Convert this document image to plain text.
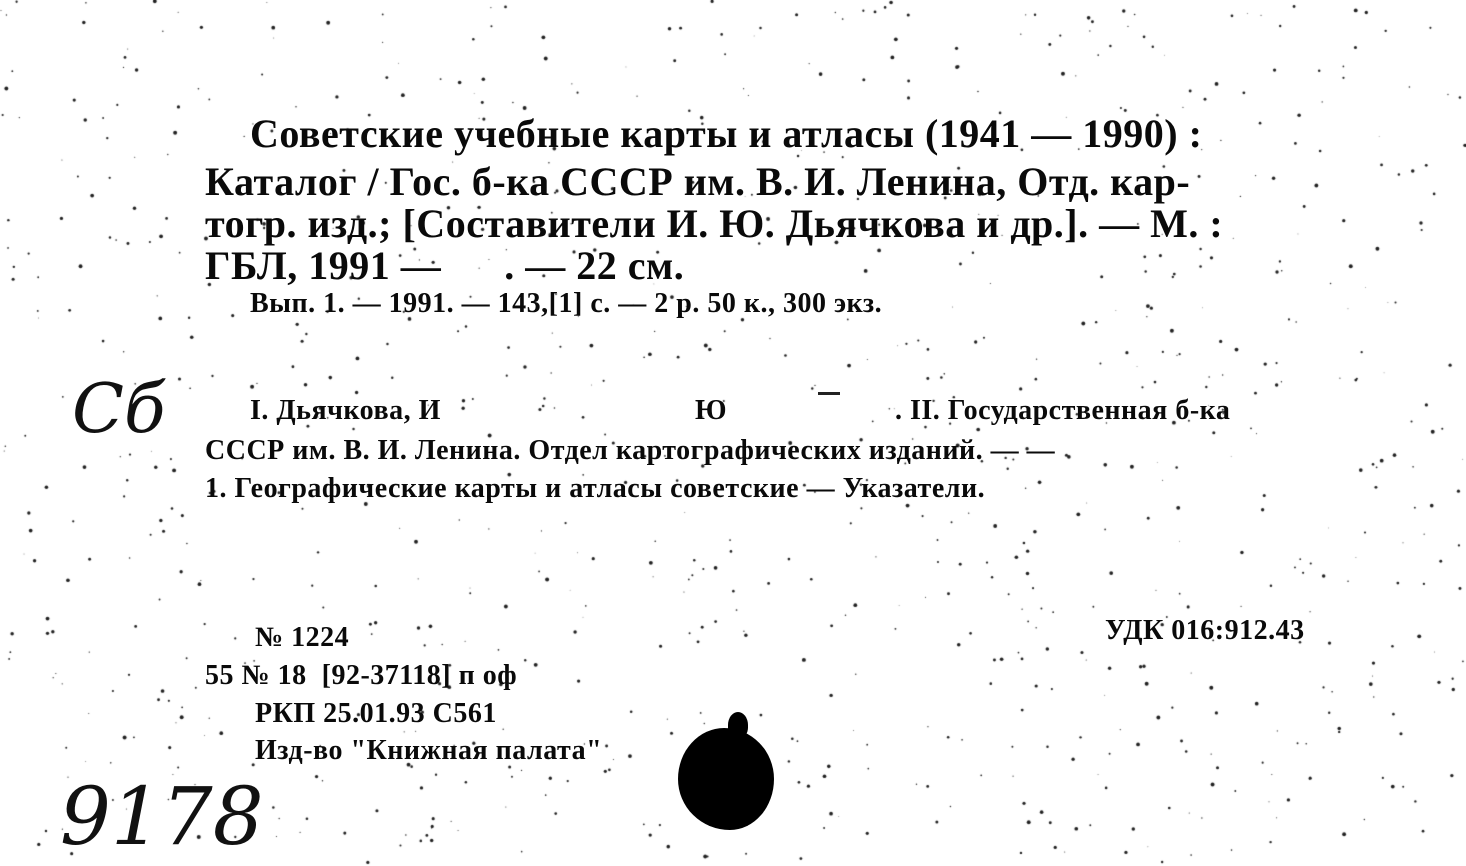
Советские учебные карты и атласы (1941 — 1990) :
Каталог / Гос. б-ка СССР им. В. И. Ленина, Отд. кар-
тогр. изд.; [Составители И. Ю. Дьячкова и др.]. — М. :
ГБЛ, 1991 —      . — 22 см.
Вып. 1. — 1991. — 143,[1] с. — 2 р. 50 к., 300 экз.
I. Дьячкова, И	Ю	. II. Государственная б-ка
СССР им. В. И. Ленина. Отдел картографических изданий. — —
1. Географические карты и атласы советские — Указатели.
№ 1224	УДК 016:912.43
55 № 18  [92-37118] п оф
РКП 25.01.93 С561
Изд-во "Книжная палата"
Сб
9178
